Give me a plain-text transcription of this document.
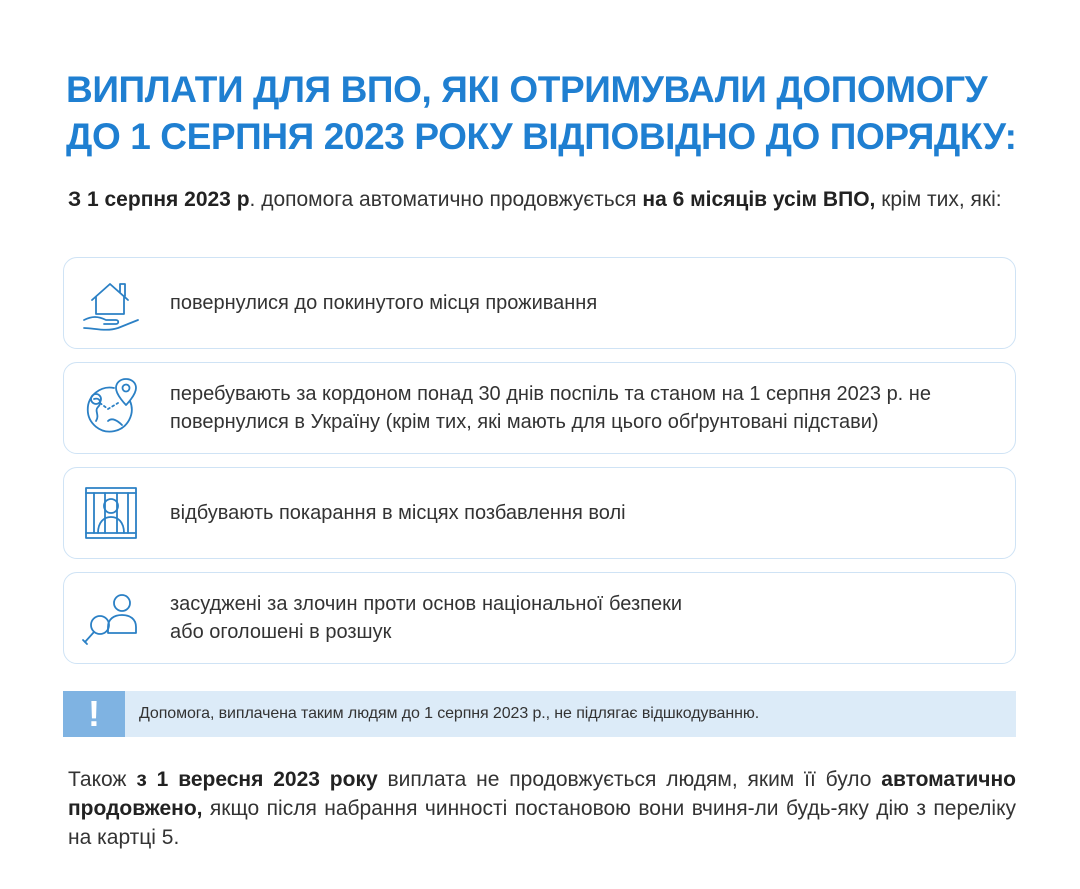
ВИПЛАТИ ДЛЯ ВПО, ЯКІ ОТРИМУВАЛИ ДОПОМОГУ
ДО 1 СЕРПНЯ 2023 РОКУ ВІДПОВІДНО ДО ПОРЯДКУ:
З 1 серпня 2023 р. допомога автоматично продовжується на 6 місяців усім ВПО, крім тих, які:
повернулися до покинутого місця проживання
перебувають за кордоном понад 30 днів поспіль та станом на 1 серпня 2023 р. не повернулися в Україну (крім тих, які мають для цього обґрунтовані підстави)
відбувають покарання в місцях позбавлення волі
засуджені за злочин проти основ національної безпеки або оголошені в розшук
!	Допомога, виплачена таким людям до 1 серпня 2023 р., не підлягає відшкодуванню.
Також з 1 вересня 2023 року виплата не продовжується людям, яким її було автоматично продовжено, якщо після набрання чинності постановою вони вчиня-ли будь-яку дію з переліку на картці 5.
